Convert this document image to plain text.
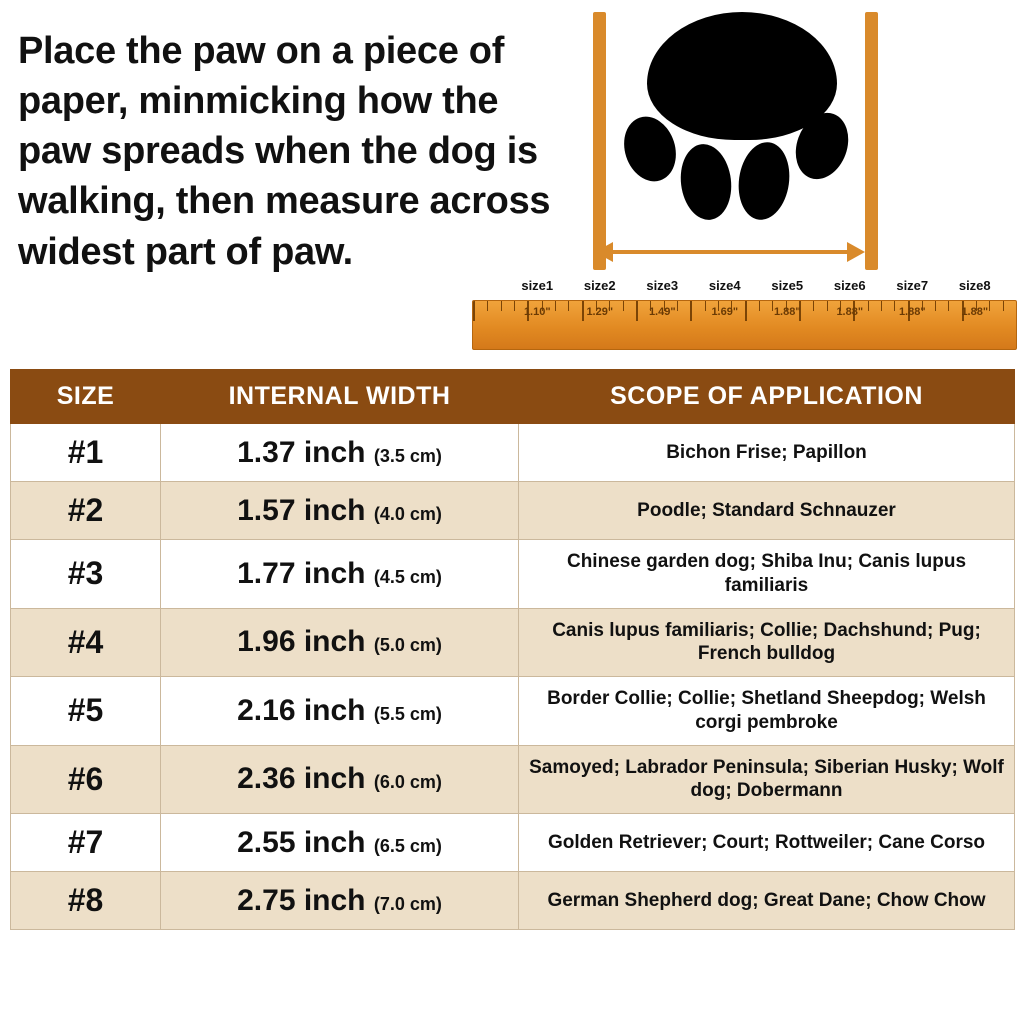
Place the paw on a piece of paper, minmicking how the paw spreads when the dog is walking, then measure across widest part of paw.
size1	size2	size3	size4	size5	size6	size7	size8
1.10"	1.29"	1.49"	1.69"	1.88"	1.88"	1.88"	1.88"
SIZE	INTERNAL WIDTH	SCOPE OF APPLICATION
#1	1.37 inch (3.5 cm)	Bichon Frise; Papillon
#2	1.57 inch (4.0 cm)	Poodle; Standard Schnauzer
#3	1.77 inch (4.5 cm)	Chinese garden dog; Shiba Inu; Canis lupus familiaris
#4	1.96 inch (5.0 cm)	Canis lupus familiaris; Collie; Dachshund; Pug; French bulldog
#5	2.16 inch (5.5 cm)	Border Collie; Collie; Shetland Sheepdog; Welsh corgi pembroke
#6	2.36 inch (6.0 cm)	Samoyed; Labrador Peninsula; Siberian Husky; Wolf dog; Dobermann
#7	2.55 inch (6.5 cm)	Golden Retriever; Court; Rottweiler; Cane Corso
#8	2.75 inch (7.0 cm)	German Shepherd dog; Great Dane; Chow Chow
